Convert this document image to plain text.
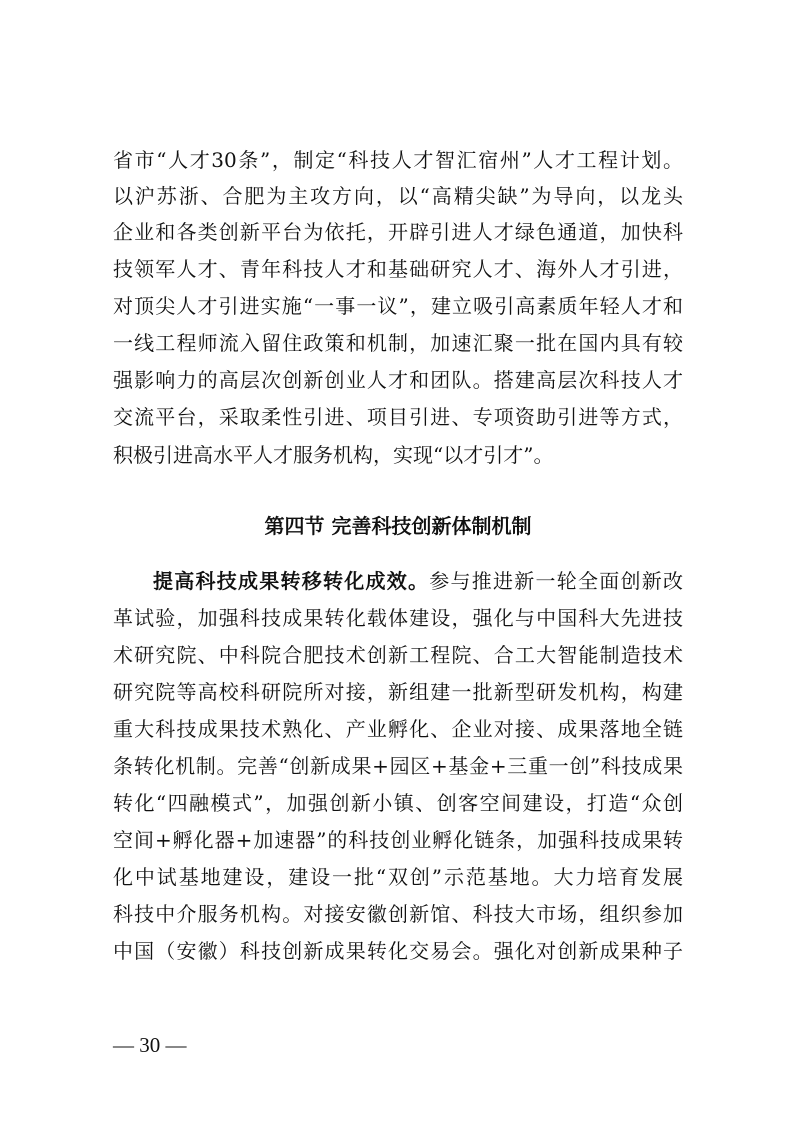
省市“人才30条”，制定“科技人才智汇宿州”人才工程计划。
以沪苏浙、合肥为主攻方向，以“高精尖缺”为导向，以龙头
企业和各类创新平台为依托，开辟引进人才绿色通道，加快科
技领军人才、青年科技人才和基础研究人才、海外人才引进，
对顶尖人才引进实施“一事一议”，建立吸引高素质年轻人才和
一线工程师流入留住政策和机制，加速汇聚一批在国内具有较
强影响力的高层次创新创业人才和团队。搭建高层次科技人才
交流平台，采取柔性引进、项目引进、专项资助引进等方式，
积极引进高水平人才服务机构，实现“以才引才”。
第四节 完善科技创新体制机制
提高科技成果转移转化成效。参与推进新一轮全面创新改
革试验，加强科技成果转化载体建设，强化与中国科大先进技
术研究院、中科院合肥技术创新工程院、合工大智能制造技术
研究院等高校科研院所对接，新组建一批新型研发机构，构建
重大科技成果技术熟化、产业孵化、企业对接、成果落地全链
条转化机制。完善“创新成果+园区+基金+三重一创”科技成果
转化“四融模式”，加强创新小镇、创客空间建设，打造“众创
空间+孵化器+加速器”的科技创业孵化链条，加强科技成果转
化中试基地建设，建设一批“双创”示范基地。大力培育发展
科技中介服务机构。对接安徽创新馆、科技大市场，组织参加
中国（安徽）科技创新成果转化交易会。强化对创新成果种子
— 30 —
